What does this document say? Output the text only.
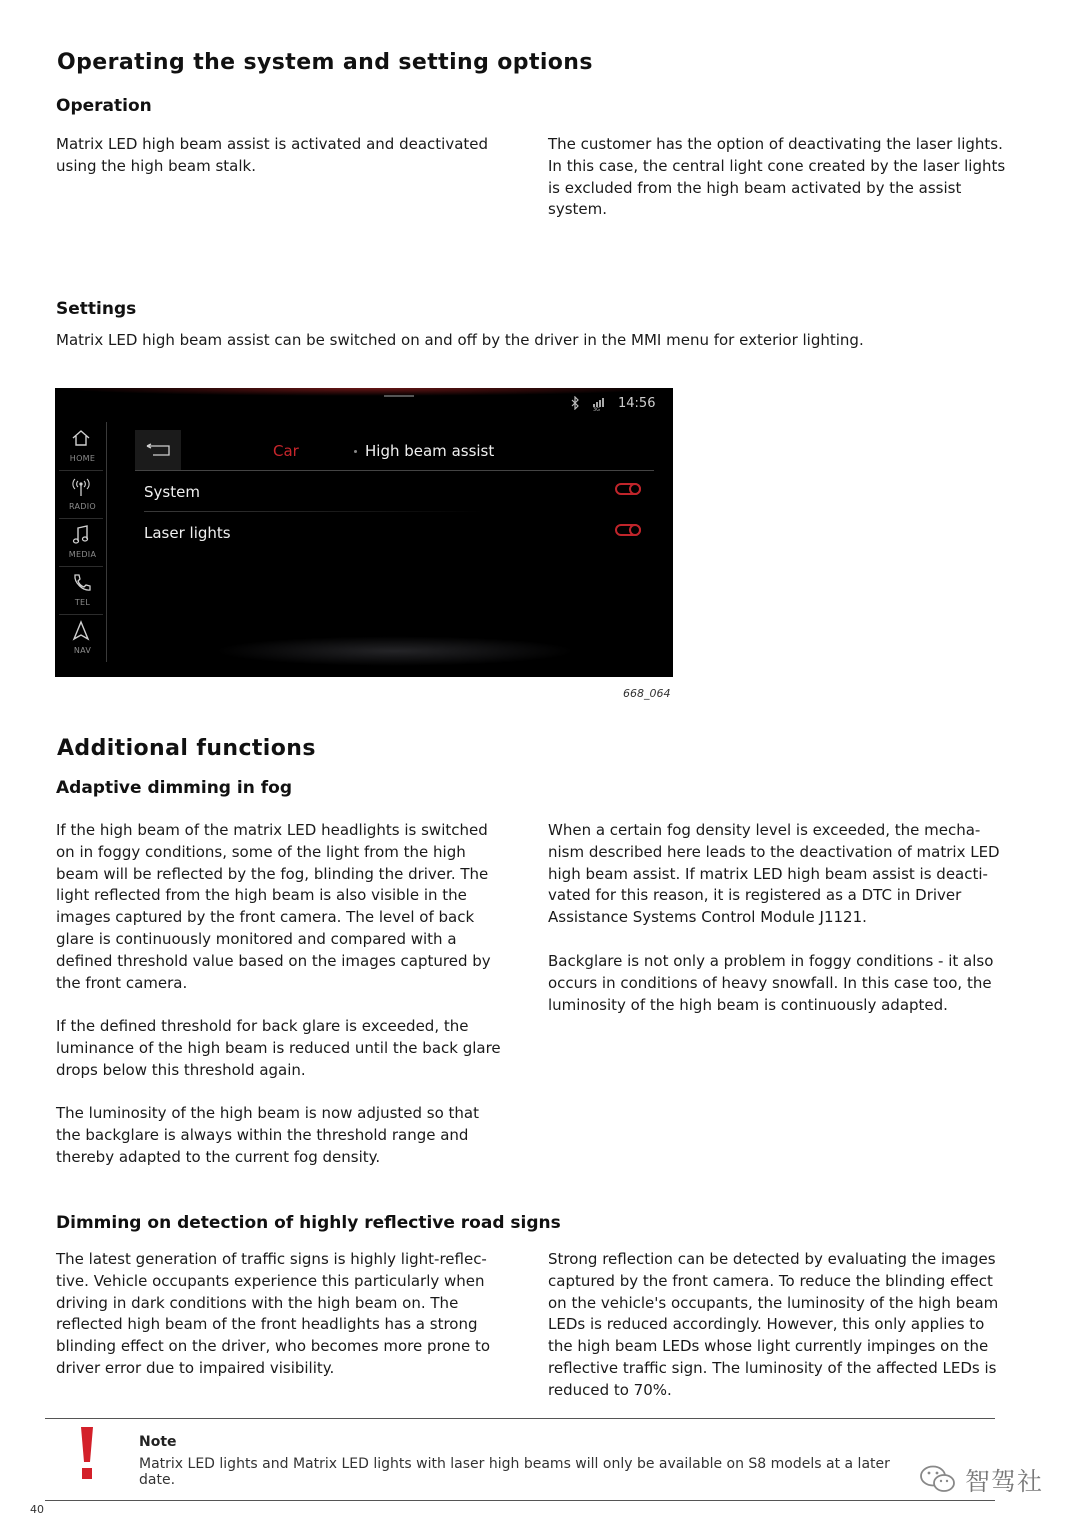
Operating the system and setting options
Operation

Matrix LED high beam assist is activated and deactivated using the high beam stalk.

The customer has the option of deactivating the laser lights. In this case, the central light cone created by the laser lights is excluded from the high beam activated by the assist system.

Settings

Matrix LED high beam assist can be switched on and off by the driver in the MMI menu for exterior lighting.

3G 14:56
HOME
RADIO
MEDIA
TEL
NAV
Car	High beam assist
System
Laser lights
668_064
Additional functions
Adaptive dimming in fog

If the high beam of the matrix LED headlights is switched on in foggy conditions, some of the light from the high beam will be reflected by the fog, blinding the driver. The light reflected from the high beam is also visible in the images captured by the front camera. The level of back glare is continuously monitored and compared with a defined threshold value based on the images captured by the front camera.

If the defined threshold for back glare is exceeded, the luminance of the high beam is reduced until the back glare drops below this threshold again.

The luminosity of the high beam is now adjusted so that the backglare is always within the threshold range and thereby adapted to the current fog density.

When a certain fog density level is exceeded, the mecha-nism described here leads to the deactivation of matrix LED high beam assist. If matrix LED high beam assist is deacti-vated for this reason, it is registered as a DTC in Driver Assistance Systems Control Module J1121.

Backglare is not only a problem in foggy conditions - it also occurs in conditions of heavy snowfall. In this case too, the luminosity of the high beam is continuously adapted.

Dimming on detection of highly reflective road signs

The latest generation of traffic signs is highly light-reflec-tive. Vehicle occupants experience this particularly when driving in dark conditions with the high beam on. The reflected high beam of the front headlights has a strong blinding effect on the driver, who becomes more prone to driver error due to impaired visibility.

Strong reflection can be detected by evaluating the images captured by the front camera. To reduce the blinding effect on the vehicle's occupants, the luminosity of the high beam LEDs is reduced accordingly. However, this only applies to the high beam LEDs whose light currently impinges on the reflective traffic sign. The luminosity of the affected LEDs is reduced to 70%.

Note
Matrix LED lights and Matrix LED lights with laser high beams will only be available on S8 models at a later date.
40
智驾社
